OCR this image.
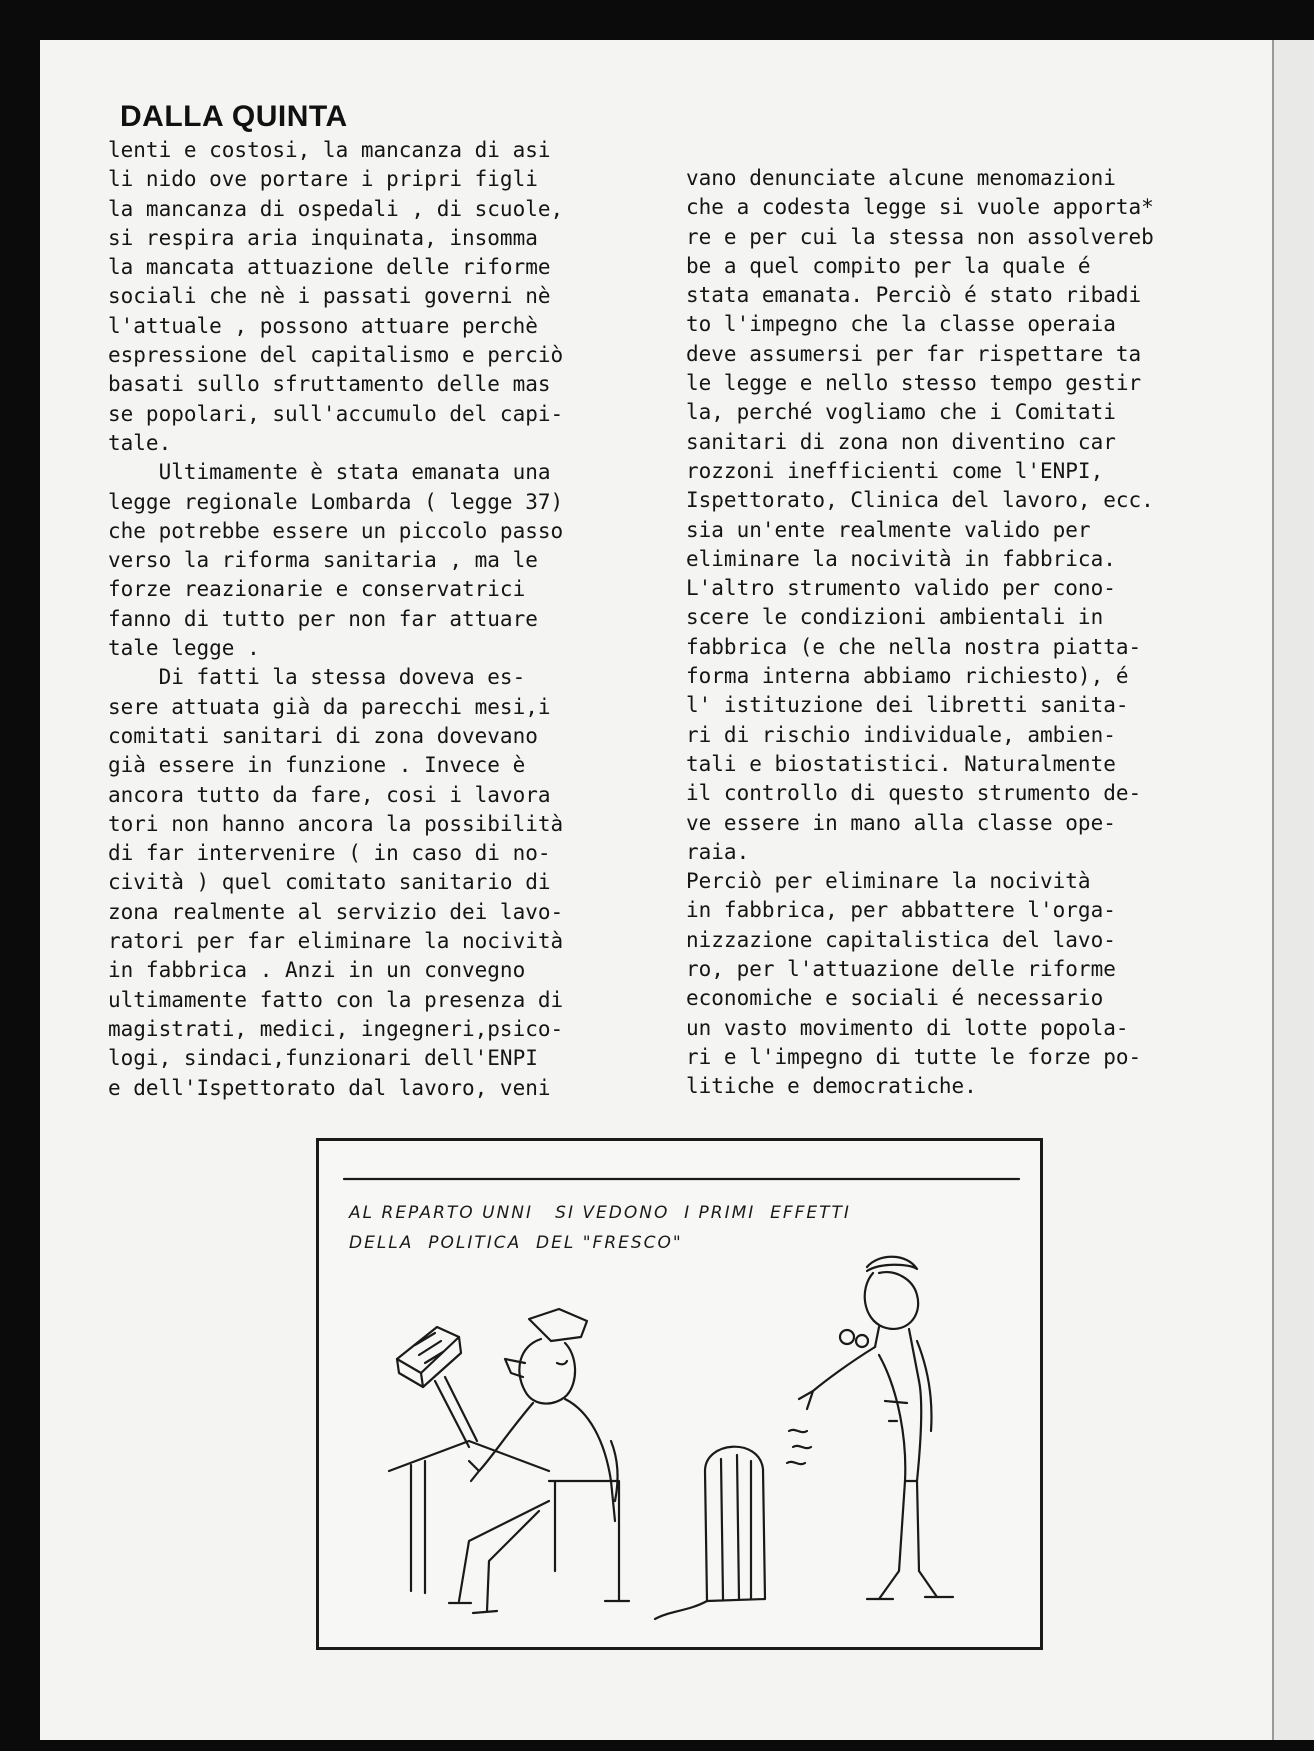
DALLA QUINTA
lenti e costosi, la mancanza di asi
li nido ove portare i pripri figli
la mancanza di ospedali , di scuole,
si respira aria inquinata, insomma
la mancata attuazione delle riforme
sociali che nè i passati governi nè
l'attuale , possono attuare perchè
espressione del capitalismo e perciò
basati sullo sfruttamento delle mas
se popolari, sull'accumulo del capi-
tale.
Ultimamente è stata emanata una
legge regionale Lombarda ( legge 37)
che potrebbe essere un piccolo passo
verso la riforma sanitaria , ma le
forze reazionarie e conservatrici
fanno di tutto per non far attuare
tale legge .
Di fatti la stessa doveva es-
sere attuata già da parecchi mesi,i
comitati sanitari di zona dovevano
già essere in funzione . Invece è
ancora tutto da fare, cosi i lavora
tori non hanno ancora la possibilità
di far intervenire ( in caso di no-
cività ) quel comitato sanitario di
zona realmente al servizio dei lavo-
ratori per far eliminare la nocività
in fabbrica . Anzi in un convegno
ultimamente fatto con la presenza di
magistrati, medici, ingegneri,psico-
logi, sindaci,funzionari dell'ENPI
e dell'Ispettorato dal lavoro, veni
vano denunciate alcune menomazioni
che a codesta legge si vuole apporta*
re e per cui la stessa non assolvereb
be a quel compito per la quale é
stata emanata. Perciò é stato ribadi
to l'impegno che la classe operaia
deve assumersi per far rispettare ta
le legge e nello stesso tempo gestir
la, perché vogliamo che i Comitati
sanitari di zona non diventino car
rozzoni inefficienti come l'ENPI,
Ispettorato, Clinica del lavoro, ecc.
sia un'ente realmente valido per
eliminare la nocività in fabbrica.
L'altro strumento valido per cono-
scere le condizioni ambientali in
fabbrica (e che nella nostra piatta-
forma interna abbiamo richiesto), é
l' istituzione dei libretti sanita-
ri di rischio individuale, ambien-
tali e biostatistici. Naturalmente
il controllo di questo strumento de-
ve essere in mano alla classe ope-
raia.
Perciò per eliminare la nocività
in fabbrica, per abbattere l'orga-
nizzazione capitalistica del lavo-
ro, per l'attuazione delle riforme
economiche e sociali é necessario
un vasto movimento di lotte popola-
ri e l'impegno di tutte le forze po-
litiche e democratiche.
AL REPARTO UNNI   SI VEDONO  I PRIMI  EFFETTI
DELLA  POLITICA  DEL "FRESCO"
